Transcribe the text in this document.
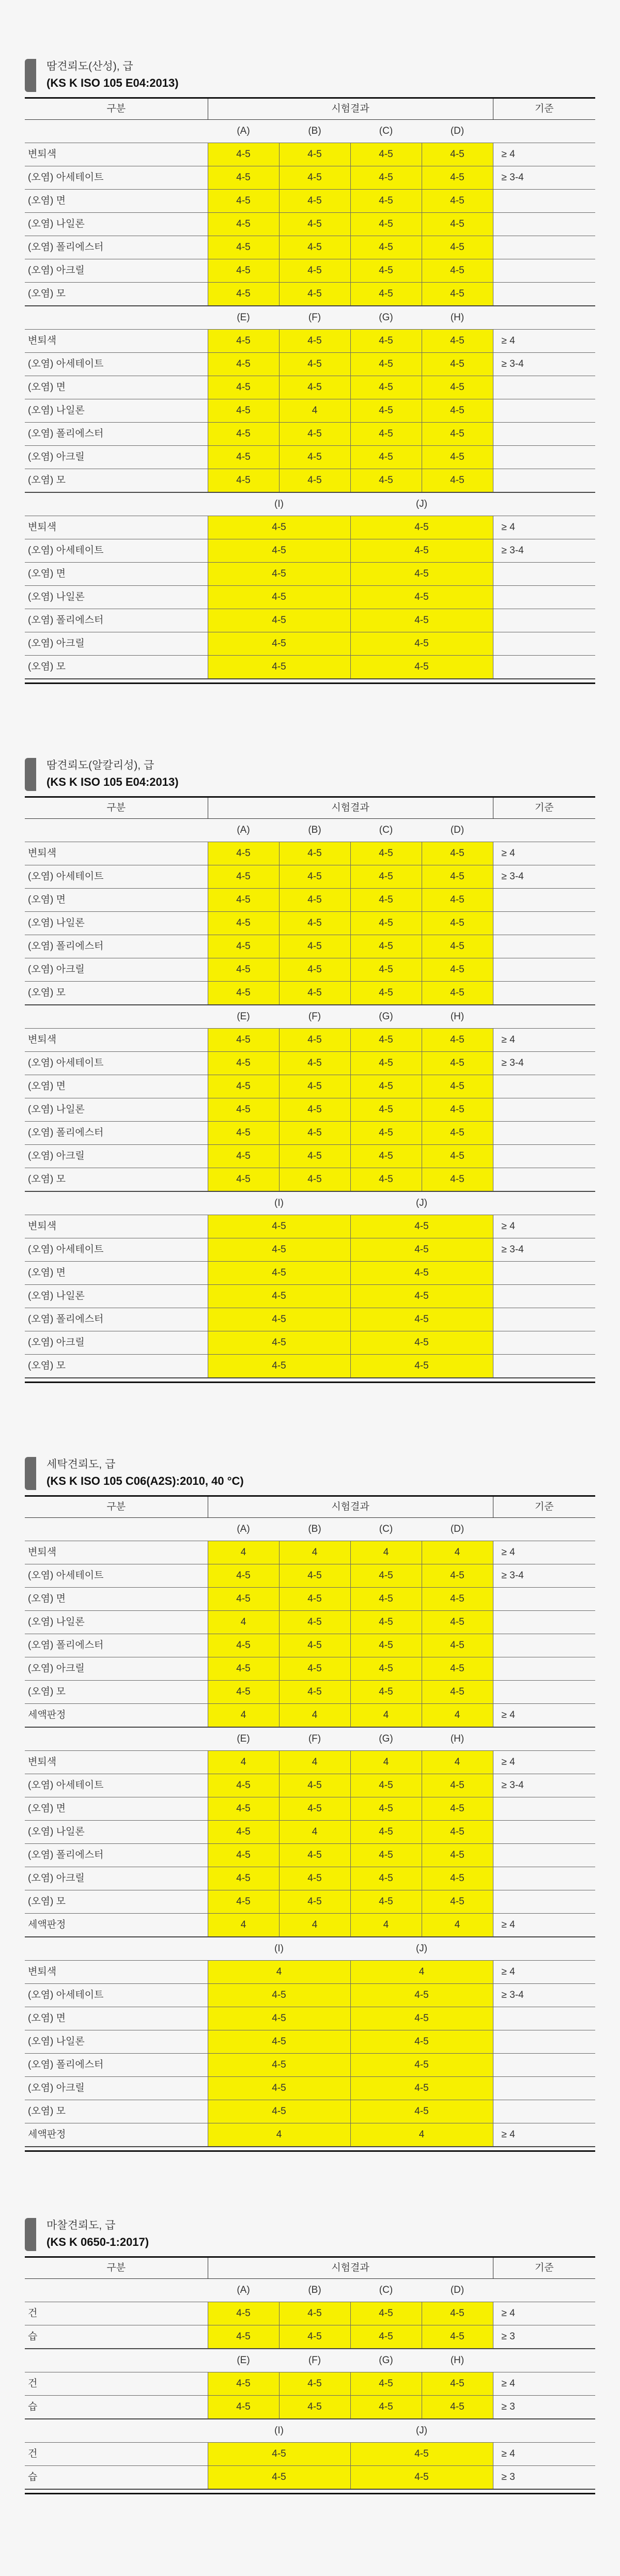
땀견뢰도(산성), 급
(KS K ISO 105 E04:2013)
구분	시험결과				기준
	(A)	(B)	(C)	(D)	
변퇴색	4-5	4-5	4-5	4-5	≥ 4
(오염) 아세테이트	4-5	4-5	4-5	4-5	≥ 3-4
(오염) 면	4-5	4-5	4-5	4-5	
(오염) 나일론	4-5	4-5	4-5	4-5	
(오염) 폴리에스터	4-5	4-5	4-5	4-5	
(오염) 아크릴	4-5	4-5	4-5	4-5	
(오염) 모	4-5	4-5	4-5	4-5	
	(E)	(F)	(G)	(H)	
변퇴색	4-5	4-5	4-5	4-5	≥ 4
(오염) 아세테이트	4-5	4-5	4-5	4-5	≥ 3-4
(오염) 면	4-5	4-5	4-5	4-5	
(오염) 나일론	4-5	4	4-5	4-5	
(오염) 폴리에스터	4-5	4-5	4-5	4-5	
(오염) 아크릴	4-5	4-5	4-5	4-5	
(오염) 모	4-5	4-5	4-5	4-5	
	(I)		(J)		
변퇴색	4-5		4-5		≥ 4
(오염) 아세테이트	4-5		4-5		≥ 3-4
(오염) 면	4-5		4-5		
(오염) 나일론	4-5		4-5		
(오염) 폴리에스터	4-5		4-5		
(오염) 아크릴	4-5		4-5		
(오염) 모	4-5		4-5		

땀견뢰도(알칼리성), 급
(KS K ISO 105 E04:2013)
구분	시험결과				기준
	(A)	(B)	(C)	(D)	
변퇴색	4-5	4-5	4-5	4-5	≥ 4
(오염) 아세테이트	4-5	4-5	4-5	4-5	≥ 3-4
(오염) 면	4-5	4-5	4-5	4-5	
(오염) 나일론	4-5	4-5	4-5	4-5	
(오염) 폴리에스터	4-5	4-5	4-5	4-5	
(오염) 아크릴	4-5	4-5	4-5	4-5	
(오염) 모	4-5	4-5	4-5	4-5	
	(E)	(F)	(G)	(H)	
변퇴색	4-5	4-5	4-5	4-5	≥ 4
(오염) 아세테이트	4-5	4-5	4-5	4-5	≥ 3-4
(오염) 면	4-5	4-5	4-5	4-5	
(오염) 나일론	4-5	4-5	4-5	4-5	
(오염) 폴리에스터	4-5	4-5	4-5	4-5	
(오염) 아크릴	4-5	4-5	4-5	4-5	
(오염) 모	4-5	4-5	4-5	4-5	
	(I)		(J)		
변퇴색	4-5		4-5		≥ 4
(오염) 아세테이트	4-5		4-5		≥ 3-4
(오염) 면	4-5		4-5		
(오염) 나일론	4-5		4-5		
(오염) 폴리에스터	4-5		4-5		
(오염) 아크릴	4-5		4-5		
(오염) 모	4-5		4-5		

세탁견뢰도, 급
(KS K ISO 105 C06(A2S):2010, 40 °C)
구분	시험결과				기준
	(A)	(B)	(C)	(D)	
변퇴색	4	4	4	4	≥ 4
(오염) 아세테이트	4-5	4-5	4-5	4-5	≥ 3-4
(오염) 면	4-5	4-5	4-5	4-5	
(오염) 나일론	4	4-5	4-5	4-5	
(오염) 폴리에스터	4-5	4-5	4-5	4-5	
(오염) 아크릴	4-5	4-5	4-5	4-5	
(오염) 모	4-5	4-5	4-5	4-5	
세액판정	4	4	4	4	≥ 4
	(E)	(F)	(G)	(H)	
변퇴색	4	4	4	4	≥ 4
(오염) 아세테이트	4-5	4-5	4-5	4-5	≥ 3-4
(오염) 면	4-5	4-5	4-5	4-5	
(오염) 나일론	4-5	4	4-5	4-5	
(오염) 폴리에스터	4-5	4-5	4-5	4-5	
(오염) 아크릴	4-5	4-5	4-5	4-5	
(오염) 모	4-5	4-5	4-5	4-5	
세액판정	4	4	4	4	≥ 4
	(I)		(J)		
변퇴색	4		4		≥ 4
(오염) 아세테이트	4-5		4-5		≥ 3-4
(오염) 면	4-5		4-5		
(오염) 나일론	4-5		4-5		
(오염) 폴리에스터	4-5		4-5		
(오염) 아크릴	4-5		4-5		
(오염) 모	4-5		4-5		
세액판정	4		4		≥ 4

마찰견뢰도, 급
(KS K 0650-1:2017)
구분	시험결과				기준
	(A)	(B)	(C)	(D)	
건	4-5	4-5	4-5	4-5	≥ 4
습	4-5	4-5	4-5	4-5	≥ 3
	(E)	(F)	(G)	(H)	
건	4-5	4-5	4-5	4-5	≥ 4
습	4-5	4-5	4-5	4-5	≥ 3
	(I)		(J)		
건	4-5		4-5		≥ 4
습	4-5		4-5		≥ 3
